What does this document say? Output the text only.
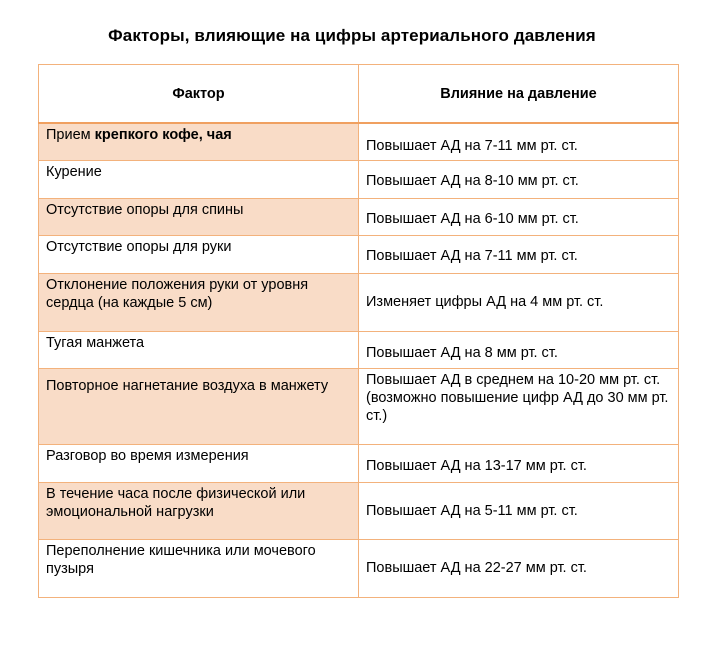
Факторы, влияющие на цифры артериального давления
Фактор	Влияние на давление
Прием крепкого кофе, чая	Повышает АД на 7-11 мм рт. ст.
Курение	Повышает АД на 8-10 мм рт. ст.
Отсутствие опоры для спины	Повышает АД на 6-10 мм рт. ст.
Отсутствие опоры для руки	Повышает АД на 7-11 мм рт. ст.
Отклонение положения руки от уровня сердца (на каждые 5 см)	Изменяет цифры АД на 4 мм рт. ст.
Тугая манжета	Повышает АД на 8 мм рт. ст.
Повторное нагнетание воздуха в манжету	Повышает АД в среднем на 10-20 мм рт. ст. (возможно повышение цифр АД до 30 мм рт. ст.)
Разговор во время измерения	Повышает АД на 13-17 мм рт. ст.
В течение часа после физической или эмоциональной нагрузки	Повышает АД на 5-11 мм рт. ст.
Переполнение кишечника или мочевого пузыря	Повышает АД на 22-27 мм рт. ст.
